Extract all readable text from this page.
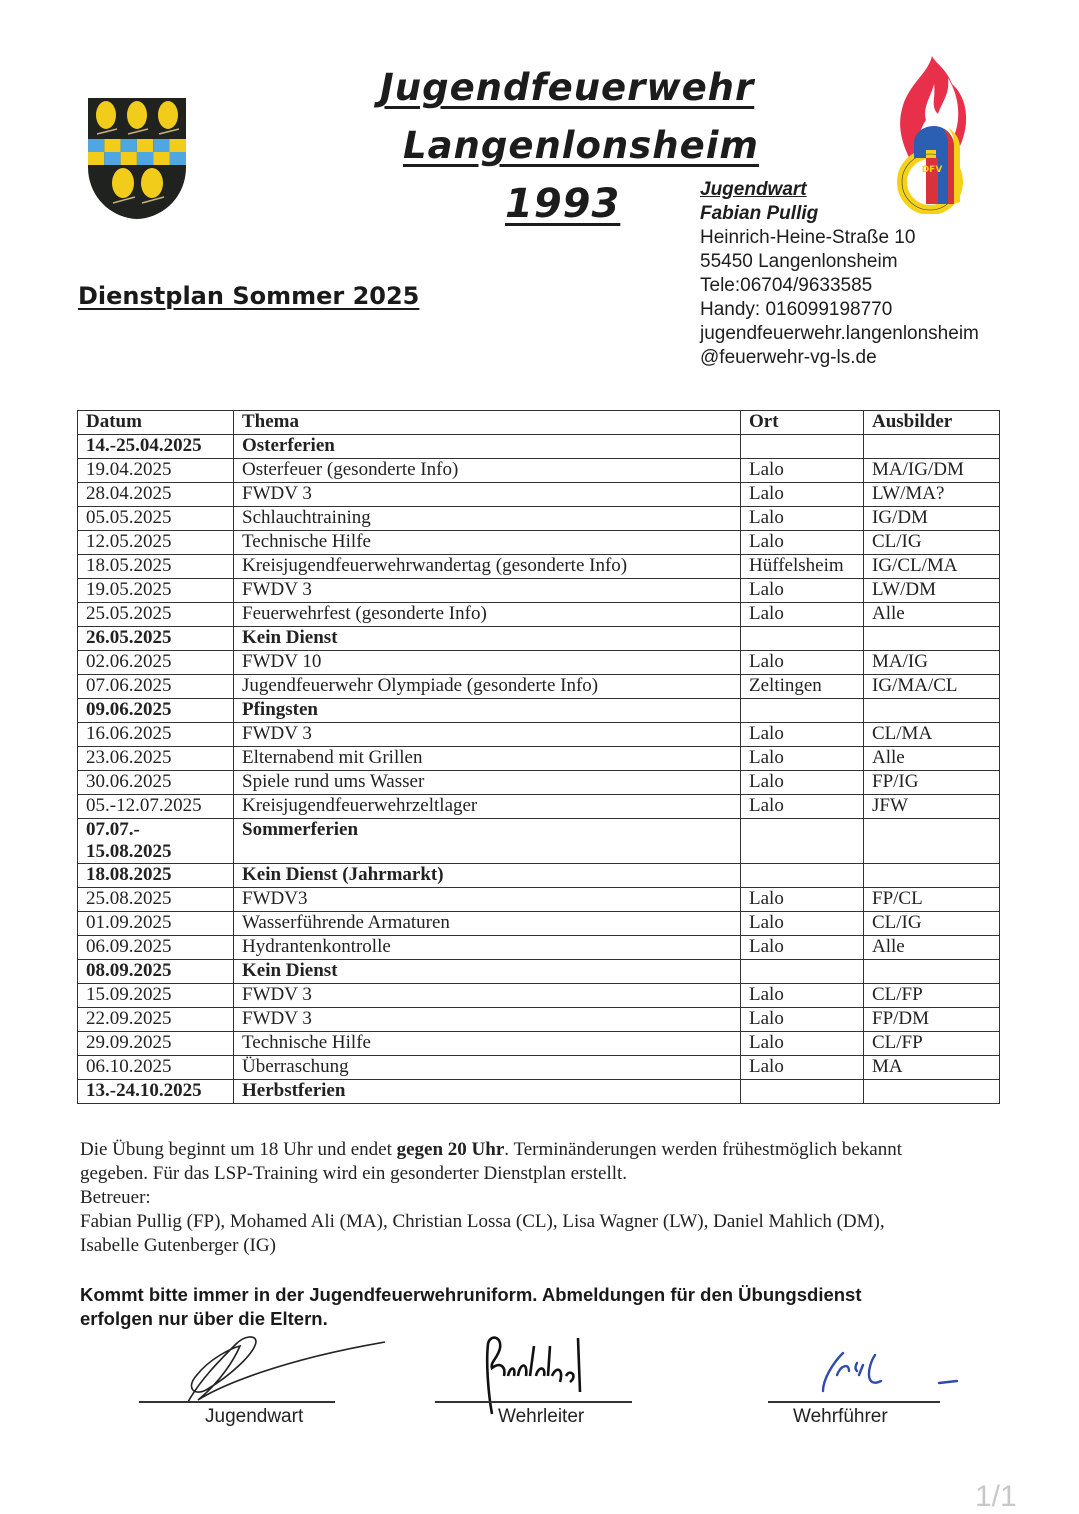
Jugendfeuerwehr
Langenlonsheim
1993
DFV
Jugendwart
Fabian Pullig
Heinrich-Heine-Straße 10
55450 Langenlonsheim
Tele:06704/9633585
Handy: 016099198770
jugendfeuerwehr.langenlonsheim
@feuerwehr-vg-ls.de
Dienstplan Sommer 2025
Datum	Thema	Ort	Ausbilder
14.-25.04.2025	Osterferien		
19.04.2025	Osterfeuer (gesonderte Info)	Lalo	MA/IG/DM
28.04.2025	FWDV 3	Lalo	LW/MA?
05.05.2025	Schlauchtraining	Lalo	IG/DM
12.05.2025	Technische Hilfe	Lalo	CL/IG
18.05.2025	Kreisjugendfeuerwehrwandertag (gesonderte Info)	Hüffelsheim	IG/CL/MA
19.05.2025	FWDV 3	Lalo	LW/DM
25.05.2025	Feuerwehrfest (gesonderte Info)	Lalo	Alle
26.05.2025	Kein Dienst		
02.06.2025	FWDV 10	Lalo	MA/IG
07.06.2025	Jugendfeuerwehr Olympiade (gesonderte Info)	Zeltingen	IG/MA/CL
09.06.2025	Pfingsten		
16.06.2025	FWDV 3	Lalo	CL/MA
23.06.2025	Elternabend mit Grillen	Lalo	Alle
30.06.2025	Spiele rund ums Wasser	Lalo	FP/IG
05.-12.07.2025	Kreisjugendfeuerwehrzeltlager	Lalo	JFW

07.07.-
15.08.2025	Sommerferien		
18.08.2025	Kein Dienst (Jahrmarkt)		
25.08.2025	FWDV3	Lalo	FP/CL
01.09.2025	Wasserführende Armaturen	Lalo	CL/IG
06.09.2025	Hydrantenkontrolle	Lalo	Alle
08.09.2025	Kein Dienst		
15.09.2025	FWDV 3	Lalo	CL/FP
22.09.2025	FWDV 3	Lalo	FP/DM
29.09.2025	Technische Hilfe	Lalo	CL/FP
06.10.2025	Überraschung	Lalo	MA
13.-24.10.2025	Herbstferien		
Die Übung beginnt um 18 Uhr und endet gegen 20 Uhr. Terminänderungen werden frühestmöglich bekannt
gegeben. Für das LSP-Training wird ein gesonderter Dienstplan erstellt.
Betreuer:
Fabian Pullig (FP), Mohamed Ali (MA), Christian Lossa (CL), Lisa Wagner (LW), Daniel Mahlich (DM),
Isabelle Gutenberger (IG)
Kommt bitte immer in der Jugendfeuerwehruniform. Abmeldungen für den Übungsdienst
erfolgen nur über die Eltern.
Jugendwart	Wehrleiter	Wehrführer
1/1
